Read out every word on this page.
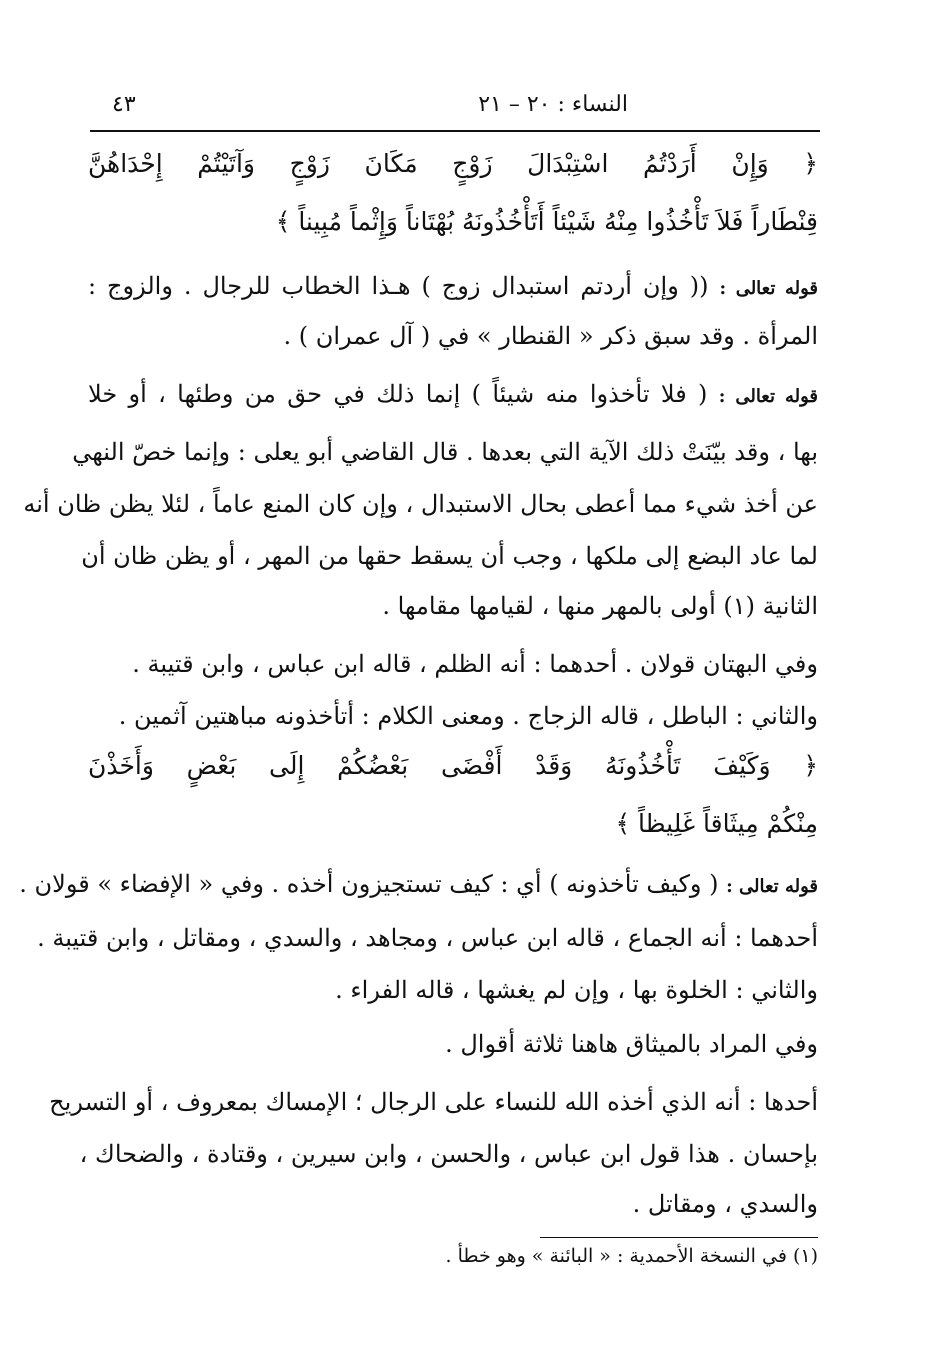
النساء : ٢٠ – ٢١
٤٣
﴿ وَإِنْ أَرَدْتُمُ اسْتِبْدَالَ زَوْجٍ مَكَانَ زَوْجٍ وَآتَيْتُمْ إِحْدَاهُنَّ
قِنْطَاراً فَلاَ تَأْخُذُوا مِنْهُ شَيْئاً أَتَأْخُذُونَهُ بُهْتَاناً وَإِثْماً مُبِيناً ﴾
قوله تعالى : (( وإن أردتم استبدال زوج ) هـذا الخطاب للرجال . والزوج :
المرأة . وقد سبق ذكر « القنطار » في ( آل عمران ) .
قوله تعالى : ( فلا تأخذوا منه شيئاً ) إنما ذلك في حق من وطئها ، أو خلا
بها ، وقد بيّنَتْ ذلك الآية التي بعدها . قال القاضي أبو يعلى : وإنما خصّ النهي
عن أخذ شيء مما أعطى بحال الاستبدال ، وإن كان المنع عاماً ، لئلا يظن ظان أنه
لما عاد البضع إلى ملكها ، وجب أن يسقط حقها من المهر ، أو يظن ظان أن
الثانية (١) أولى بالمهر منها ، لقيامها مقامها .
وفي البهتان قولان . أحدهما : أنه الظلم ، قاله ابن عباس ، وابن قتيبة .
والثاني : الباطل ، قاله الزجاج . ومعنى الكلام : أتأخذونه مباهتين آثمين .
﴿ وَكَيْفَ تَأْخُذُونَهُ وَقَدْ أَفْضَى بَعْضُكُمْ إِلَى بَعْضٍ وَأَخَذْنَ
مِنْكُمْ مِيثَاقاً غَلِيظاً ﴾
قوله تعالى : ( وكيف تأخذونه ) أي : كيف تستجيزون أخذه . وفي « الإفضاء » قولان .
أحدهما : أنه الجماع ، قاله ابن عباس ، ومجاهد ، والسدي ، ومقاتل ، وابن قتيبة .
والثاني : الخلوة بها ، وإن لم يغشها ، قاله الفراء .
وفي المراد بالميثاق هاهنا ثلاثة أقوال .
أحدها : أنه الذي أخذه الله للنساء على الرجال ؛ الإمساك بمعروف ، أو التسريح
بإحسان . هذا قول ابن عباس ، والحسن ، وابن سيرين ، وقتادة ، والضحاك ،
والسدي ، ومقاتل .
(١) في النسخة الأحمدية : « البائنة » وهو خطأ .
